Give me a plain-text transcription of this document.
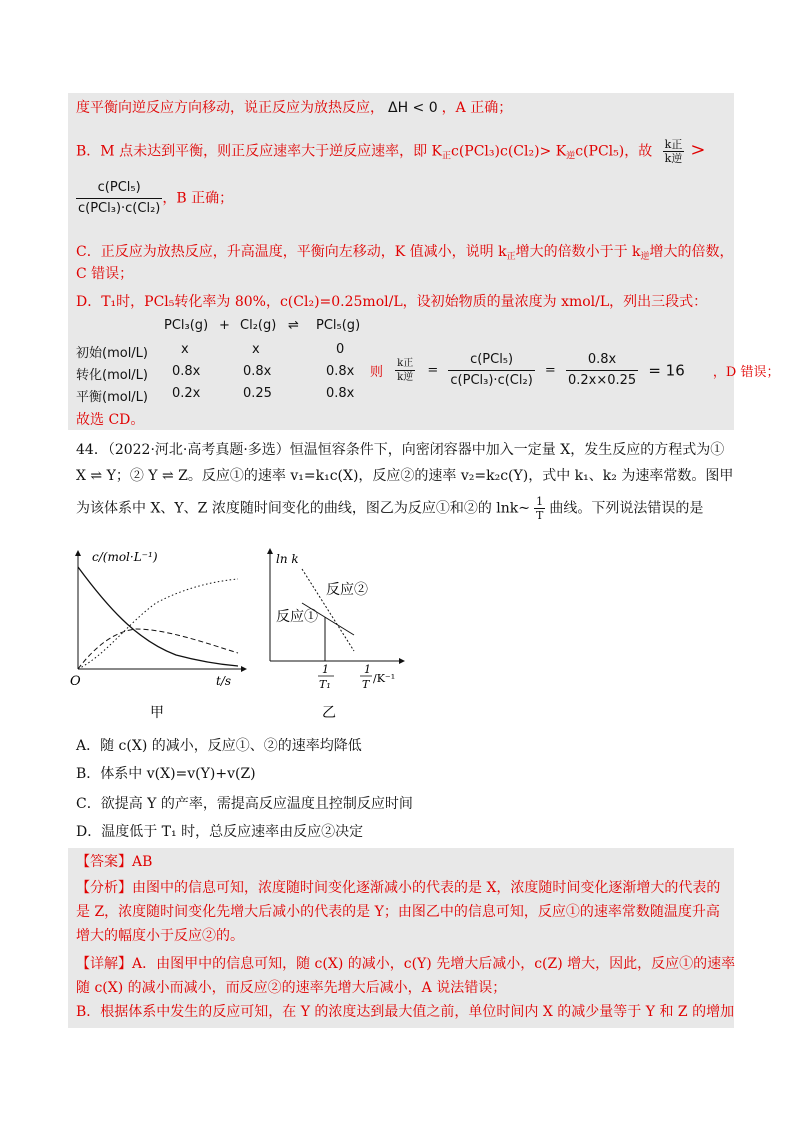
度平衡向逆反应方向移动，说正反应为放热反应， ΔH < 0 ，A 正确；
B．M 点未达到平衡，则正反应速率大于逆反应速率，即 $K_正c(PCl_3)c(Cl_2)> K_逆c(PCl_5)$，故 $\frac{\text{k正}}{\text{k逆}}$ >
$\frac{\text{c(PCl₅)}}{\text{c(PCl₃)·c(Cl₂)}}$ ，B 正确；
C．正反应为放热反应，升高温度，平衡向左移动，K 值减小，说明 $k_正$增大的倍数小于于 $k_逆$增大的倍数，
C 错误；
D．T₁时，PCl₅转化率为 80%，c(Cl₂)=0.25mol/L，设初始物质的量浓度为 xmol/L，列出三段式：
PCl₃(g) + Cl₂(g) ⇌ PCl₅(g)
初始(mol/L)	x	x	0
转化(mol/L) 0.8x	0.8x	0.8x
平衡(mol/L) 0.2x	0.25	0.8x
则 $\frac{\text{k正}}{\text{k逆}} = \frac{\text{c(PCl₅)}}{\text{c(PCl₃)·c(Cl₂)}} = \frac{0.8x}{0.2x\times 0.25} = 16$ ，D 错误；
故选 CD。
44．（2022·河北·高考真题·多选）恒温恒容条件下，向密闭容器中加入一定量 X，发生反应的方程式为①
X ⇌ Y；② Y ⇌ Z。反应①的速率 v₁=k₁c(X)，反应②的速率 v₂=k₂c(Y)，式中 k₁、k₂ 为速率常数。图甲
为该体系中 X、Y、Z 浓度随时间变化的曲线，图乙为反应①和②的 lnk~ $\frac{1}{T}$ 曲线。下列说法错误的是
c/(mol·L⁻¹)
O	t/s
甲
ln k
反应②
反应①
1
T₁
1
T /K⁻¹
乙
A．随 c(X) 的减小，反应①、②的速率均降低
B．体系中 v(X)=v(Y)+v(Z)
C．欲提高 Y 的产率，需提高反应温度且控制反应时间
D．温度低于 T₁ 时，总反应速率由反应②决定
【答案】AB
【分析】由图中的信息可知，浓度随时间变化逐渐减小的代表的是 X，浓度随时间变化逐渐增大的代表的
是 Z，浓度随时间变化先增大后减小的代表的是 Y；由图乙中的信息可知，反应①的速率常数随温度升高
增大的幅度小于反应②的。
【详解】A．由图甲中的信息可知，随 c(X) 的减小，c(Y) 先增大后减小，c(Z) 增大，因此，反应①的速率
随 c(X) 的减小而减小，而反应②的速率先增大后减小，A 说法错误；
B．根据体系中发生的反应可知，在 Y 的浓度达到最大值之前，单位时间内 X 的减少量等于 Y 和 Z 的增加
